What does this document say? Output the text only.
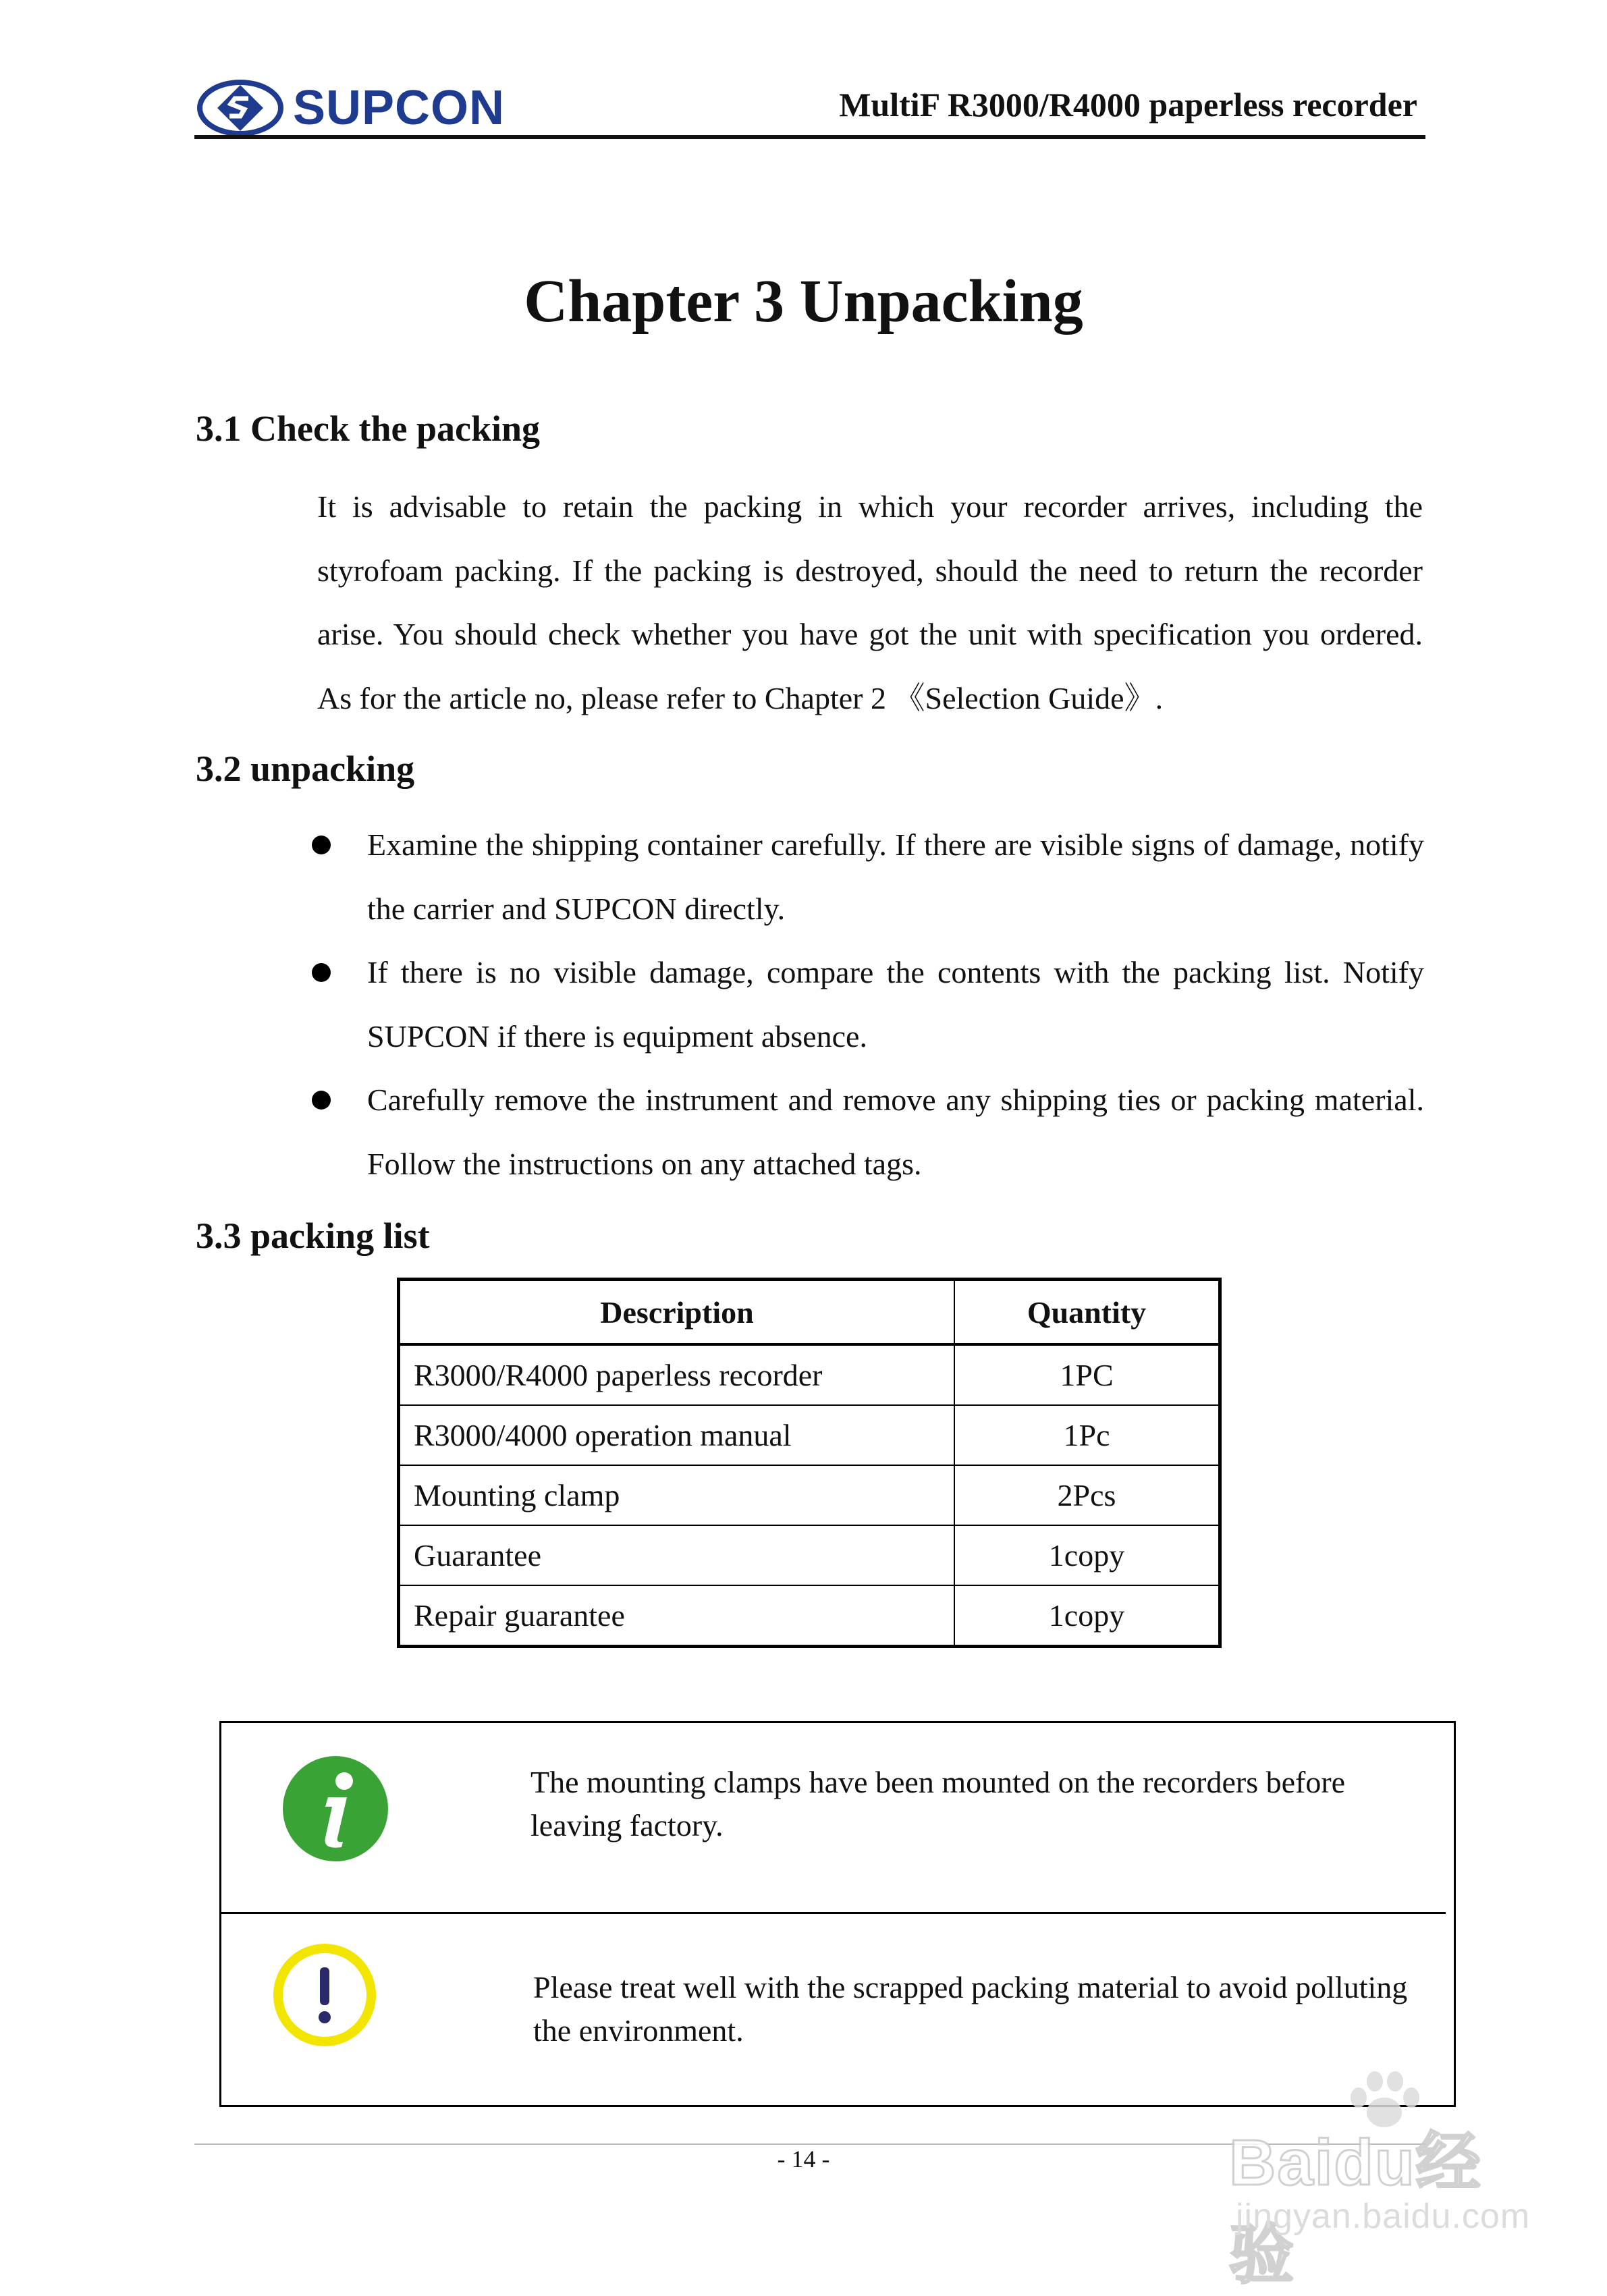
SUPCON	MultiF R3000/R4000 paperless recorder
Chapter 3 Unpacking
3.1 Check the packing
It is advisable to retain the packing in which your recorder arrives, including the styrofoam packing. If the packing is destroyed, should the need to return the recorder arise. You should check whether you have got the unit with specification you ordered.　As for the article no, please refer to Chapter 2 《Selection Guide》.
3.2 unpacking
Examine the shipping container carefully. If there are visible signs of damage, notify the carrier and SUPCON directly.
If there is no visible damage, compare the contents with the packing list. Notify SUPCON if there is equipment absence.
Carefully remove the instrument and remove any shipping ties or packing material. Follow the instructions on any attached tags.
3.3 packing list
Description	Quantity
R3000/R4000 paperless recorder	1PC
R3000/4000 operation manual	1Pc
Mounting clamp	2Pcs
Guarantee	1copy
Repair guarantee	1copy
The mounting clamps have been mounted on the recorders before leaving factory.
Please treat well with the scrapped packing material to avoid polluting the environment.
- 14 -	Baidu经验
jingyan.baidu.com
